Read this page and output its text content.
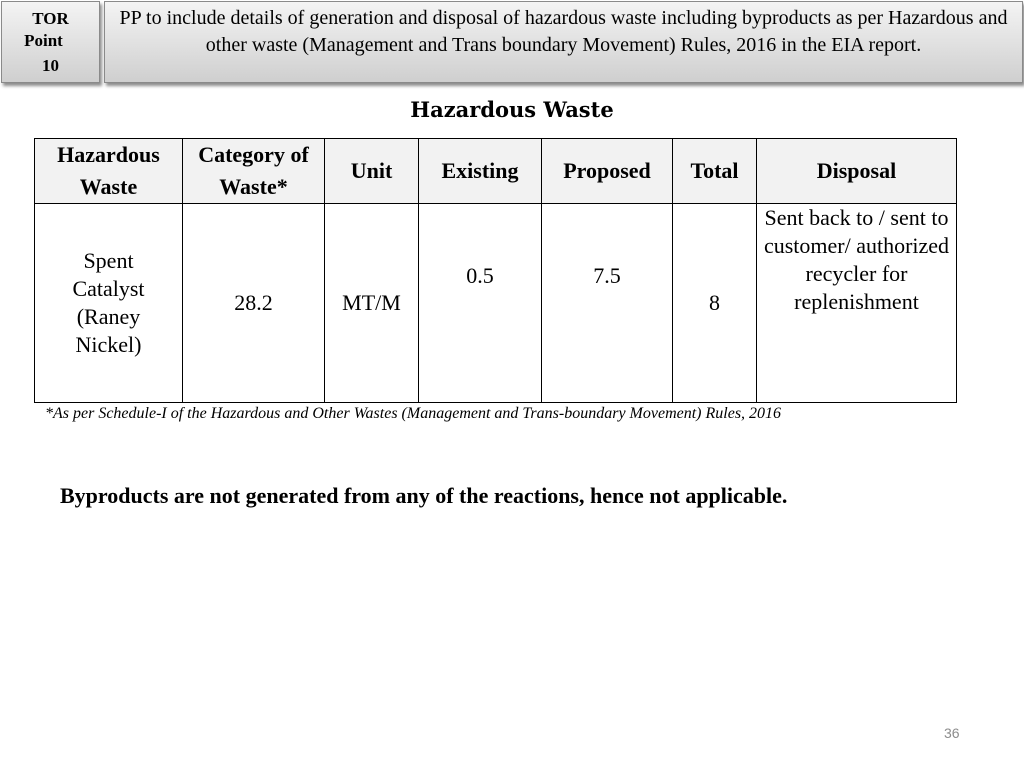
TOR
Point
10
PP to include details of generation and disposal of hazardous waste including byproducts as per Hazardous and other waste (Management and Trans boundary Movement) Rules, 2016 in the EIA report.
Hazardous Waste
Hazardous Waste	Category of Waste*	Unit	Existing	Proposed	Total	Disposal

Spent Catalyst (Raney Nickel)	28.2	MT/M	0.5	7.5	8	Sent back to / sent to customer/ authorized recycler for replenishment
*As per Schedule-I of the Hazardous and Other Wastes (Management and Trans-boundary Movement) Rules, 2016
Byproducts are not generated from any of the reactions, hence not applicable.
36
